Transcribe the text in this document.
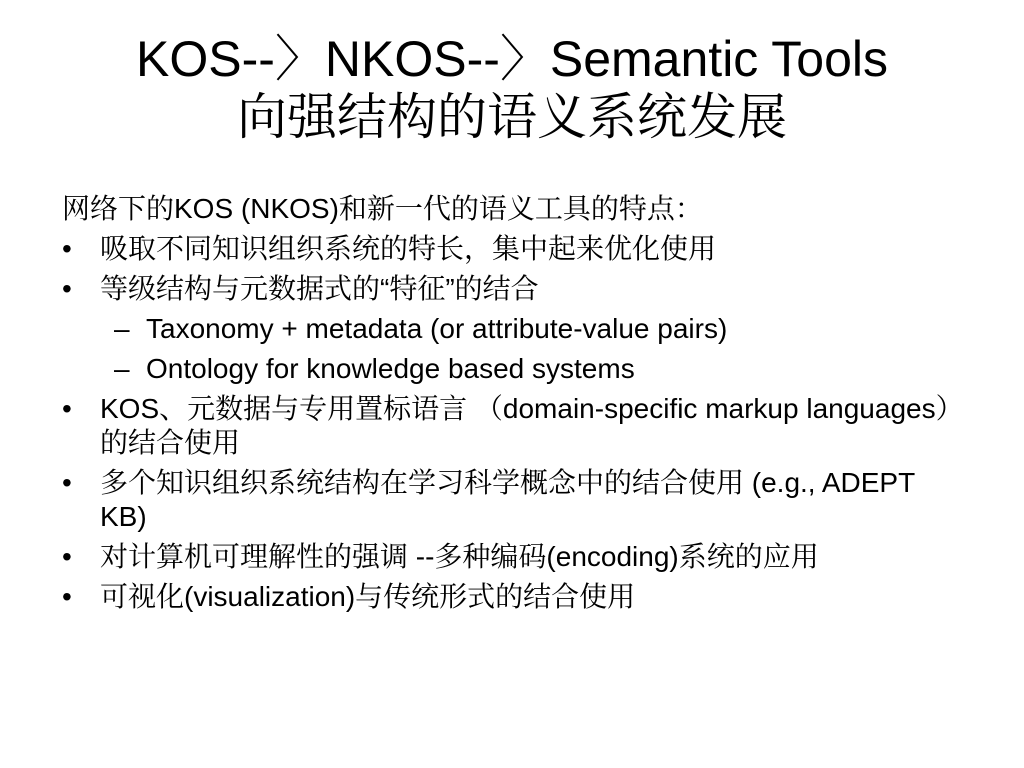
KOS--〉NKOS--〉Semantic Tools
向强结构的语义系统发展
网络下的KOS (NKOS)和新一代的语义工具的特点：
•	吸取不同知识组织系统的特长，集中起来优化使用
•	等级结构与元数据式的“特征”的结合
– Taxonomy + metadata (or attribute-value pairs)
– Ontology for knowledge based systems
•	KOS、元数据与专用置标语言 （domain-specific markup languages）的结合使用
•	多个知识组织系统结构在学习科学概念中的结合使用 (e.g., ADEPT KB)
•	对计算机可理解性的强调 --多种编码(encoding)系统的应用
•	可视化(visualization)与传统形式的结合使用
